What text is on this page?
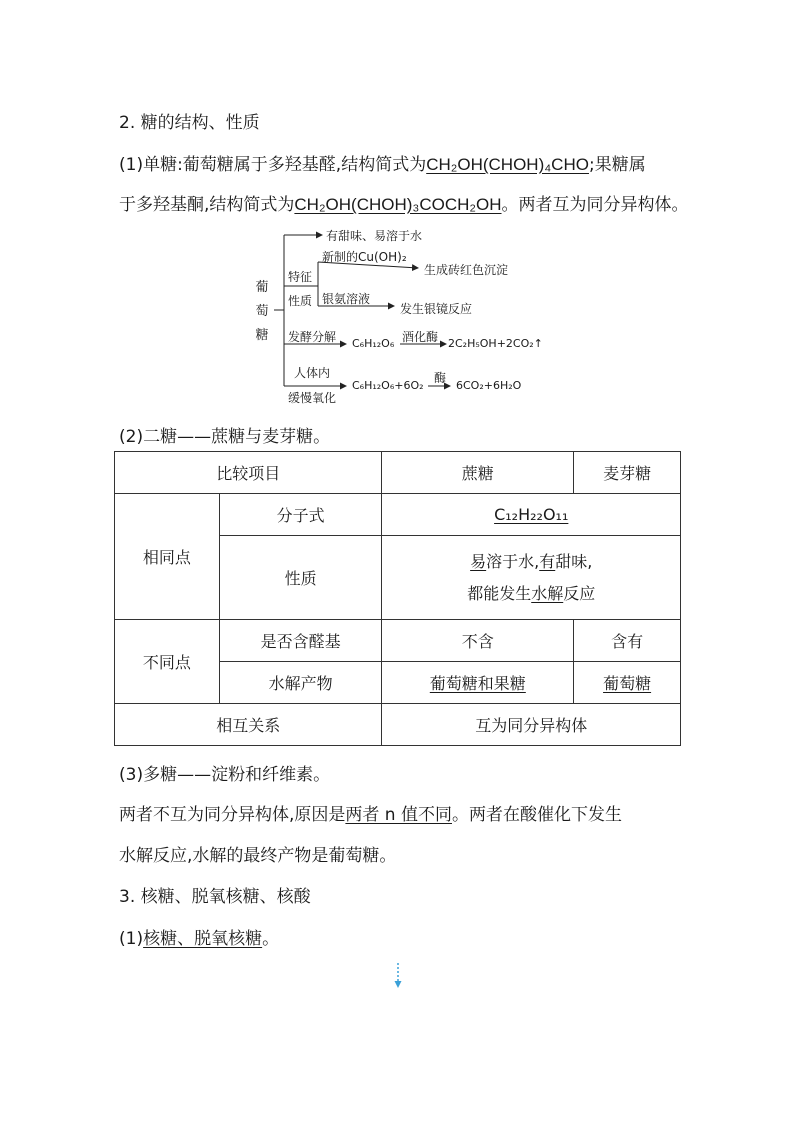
2. 糖的结构、性质
(1)单糖:葡萄糖属于多羟基醛,结构简式为CH₂OH(CHOH)₄CHO;果糖属
于多羟基酮,结构简式为CH₂OH(CHOH)₃COCH₂OH。两者互为同分异构体。
葡萄糖
有甜味、易溶于水
新制的Cu(OH)₂
特征	生成砖红色沉淀
性质 银氨溶液
发生银镜反应
发酵分解 C₆H₁₂O₆ 酒化酶 2C₂H₅OH+2CO₂↑
人体内
C₆H₁₂O₆+6O₂
酶
6CO₂+6H₂O
缓慢氧化
(2)二糖——蔗糖与麦芽糖。
比较项目		蔗糖	麦芽糖
相同点	分子式	C₁₂H₂₂O₁₁	
	性质	易溶于水,有甜味,
都能发生水解反应	

不同点	是否含醛基	不含	含有
	水解产物	葡萄糖和果糖	葡萄糖
相互关系		互为同分异构体	
(3)多糖——淀粉和纤维素。
两者不互为同分异构体,原因是两者 n 值不同。两者在酸催化下发生
水解反应,水解的最终产物是葡萄糖。
3. 核糖、脱氧核糖、核酸
(1)核糖、脱氧核糖。
